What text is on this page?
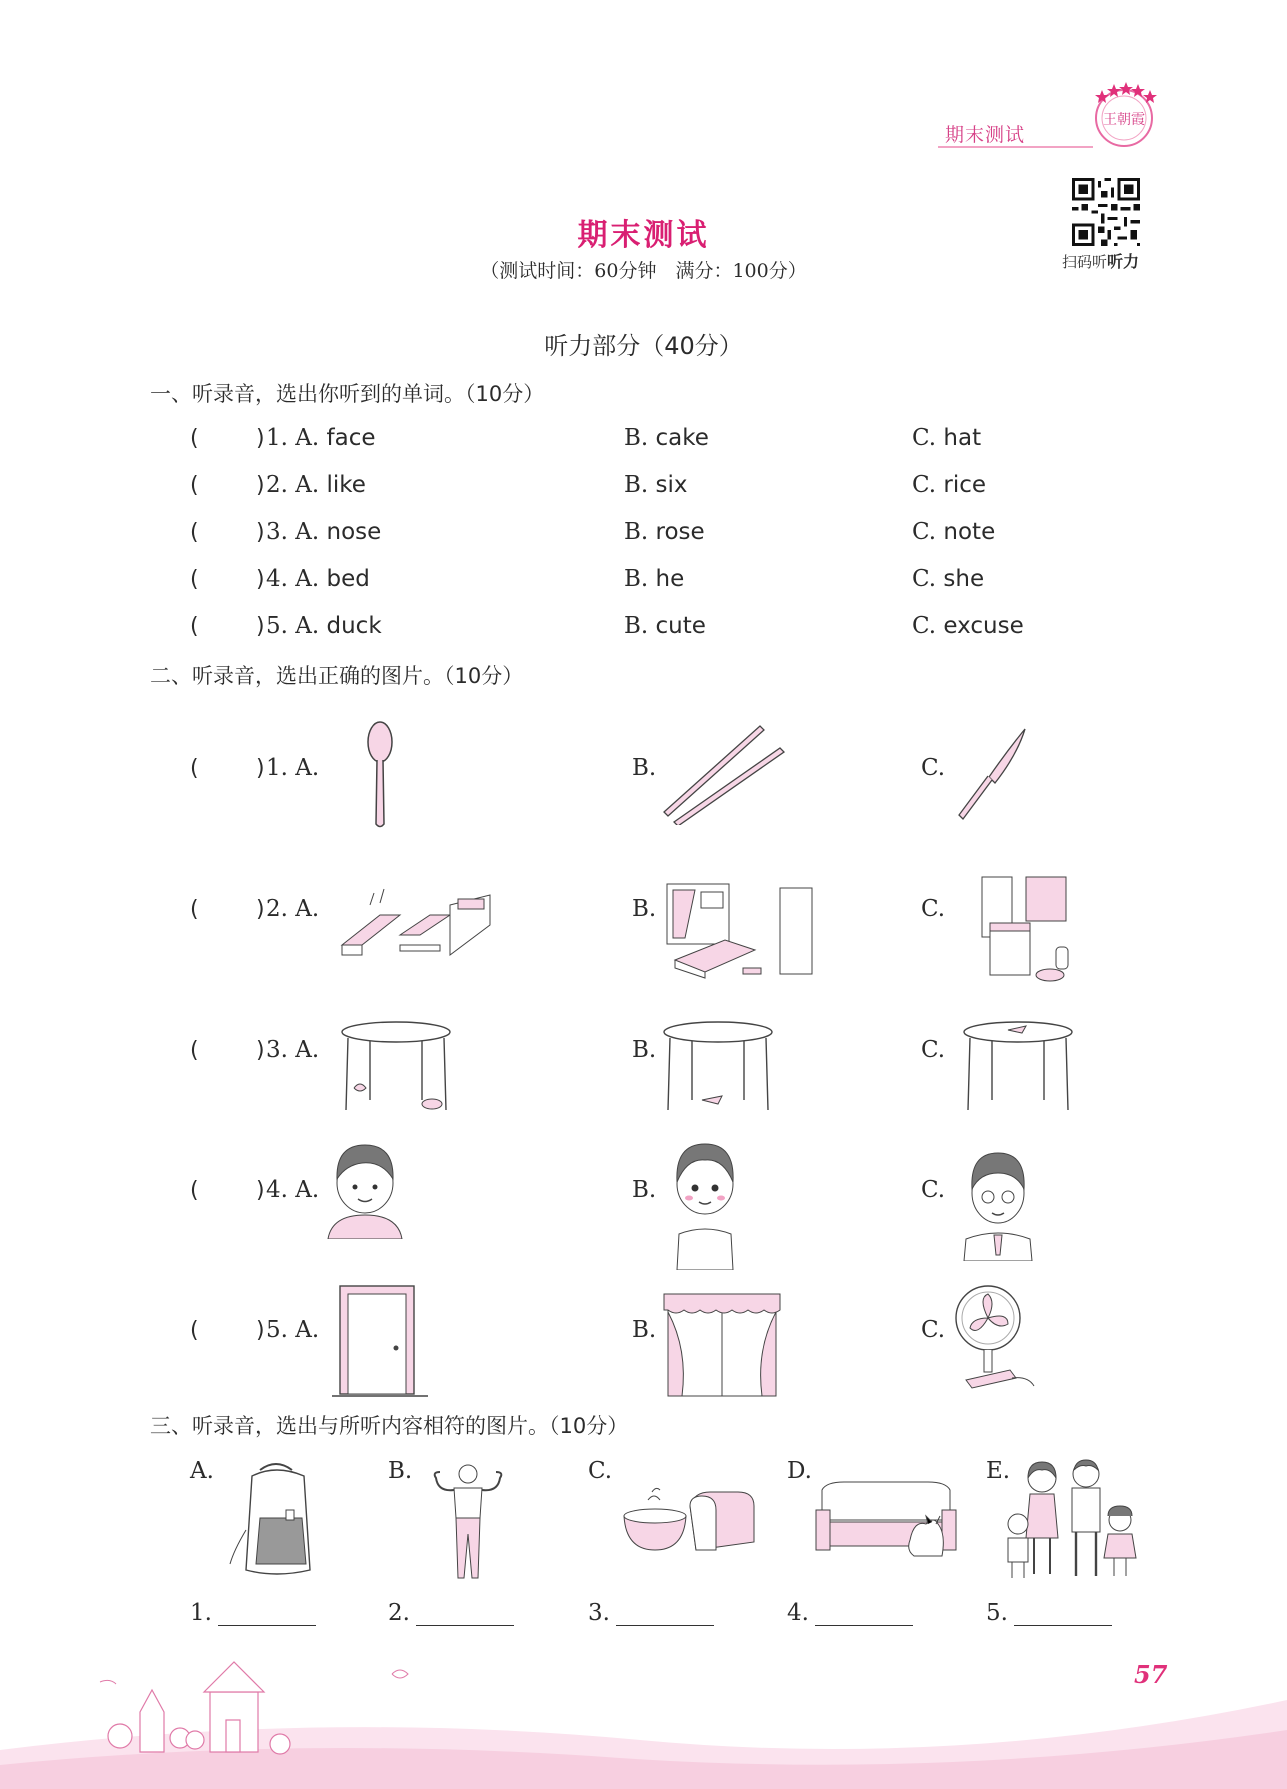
期末测试
王朝霞
期末测试
（测试时间：60分钟　满分：100分）	扫码听听力
听力部分（40分）
一、听录音，选出你听到的单词。（10分）
(	) 1. A. face	B. cake	C. hat
(	) 2. A. like	B. six	C. rice
(	) 3. A. nose	B. rose	C. note
(	) 4. A. bed	B. he	C. she
(	) 5. A. duck	B. cute	C. excuse
二、听录音，选出正确的图片。（10分）
(	) 1. A.	B.	C.
(	) 2. A.	B.	C.
(	) 3. A.	B.	C.
(	) 4. A.	B.	C.
(	) 5. A.	B.	C.
三、听录音，选出与所听内容相符的图片。（10分）
A.	B.	C.	D.	E.
1.	2.	3.	4.	5.
57
